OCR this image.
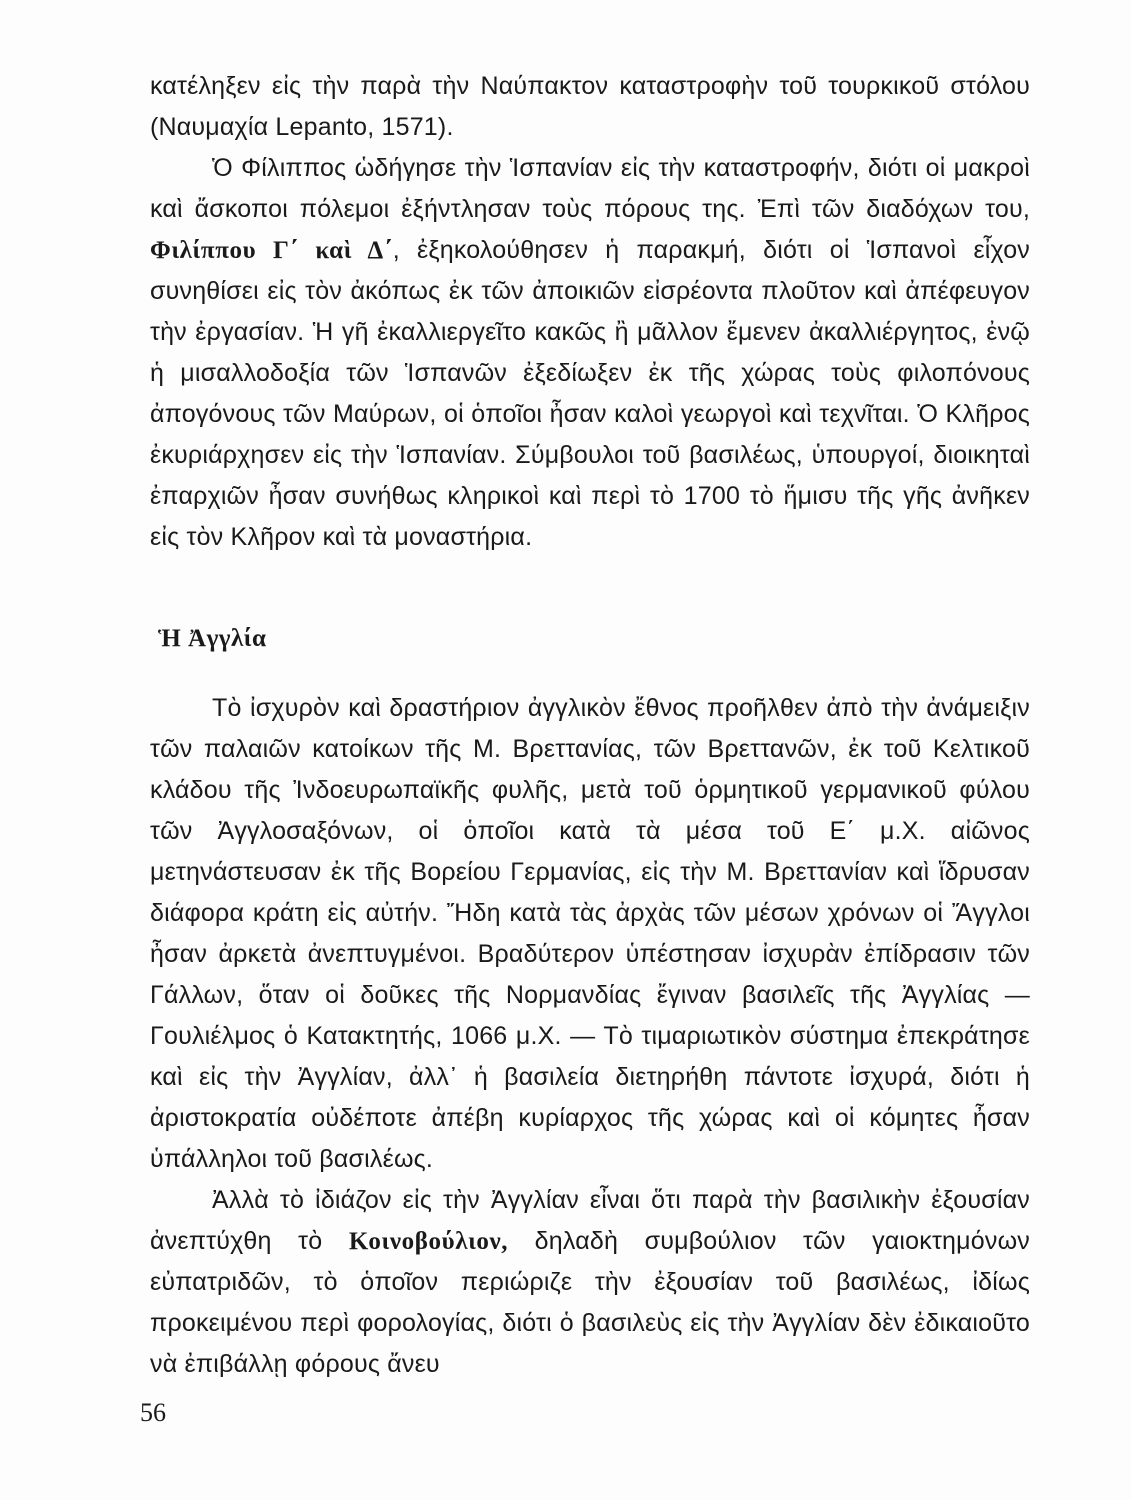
κατέληξεν εἰς τὴν παρὰ τὴν Ναύπακτον καταστροφὴν τοῦ τουρκικοῦ στόλου (Ναυμαχία Lepanto, 1571).

Ὁ Φίλιππος ὡδήγησε τὴν Ἱσπανίαν εἰς τὴν καταστροφήν, διότι οἱ μακροὶ καὶ ἄσκοποι πόλεμοι ἐξήντλησαν τοὺς πόρους της. Ἐπὶ τῶν διαδόχων του, Φιλίππου Γ΄ καὶ Δ΄, ἐξηκολούθησεν ἡ παρακμή, διότι οἱ Ἱσπανοὶ εἶχον συνηθίσει εἰς τὸν ἀκόπως ἐκ τῶν ἀποικιῶν εἰσρέοντα πλοῦτον καὶ ἀπέφευγον τὴν ἐργασίαν. Ἡ γῆ ἐκαλλιεργεῖτο κακῶς ἢ μᾶλλον ἔμενεν ἀκαλλιέργητος, ἐνῷ ἡ μισαλλοδοξία τῶν Ἱσπανῶν ἐξεδίωξεν ἐκ τῆς χώρας τοὺς φιλοπόνους ἀπογόνους τῶν Μαύρων, οἱ ὁποῖοι ἦσαν καλοὶ γεωργοὶ καὶ τεχνῖται. Ὁ Κλῆρος ἐκυριάρχησεν εἰς τὴν Ἱσπανίαν. Σύμβουλοι τοῦ βασιλέως, ὑπουργοί, διοικηταὶ ἐπαρχιῶν ἦσαν συνήθως κληρικοὶ καὶ περὶ τὸ 1700 τὸ ἥμισυ τῆς γῆς ἀνῆκεν εἰς τὸν Κλῆρον καὶ τὰ μοναστήρια.

Ἡ Ἀγγλία

Τὸ ἰσχυρὸν καὶ δραστήριον ἀγγλικὸν ἔθνος προῆλθεν ἀπὸ τὴν ἀνάμειξιν τῶν παλαιῶν κατοίκων τῆς Μ. Βρεττανίας, τῶν Βρεττανῶν, ἐκ τοῦ Κελτικοῦ κλάδου τῆς Ἰνδοευρωπαϊκῆς φυλῆς, μετὰ τοῦ ὁρμητικοῦ γερμανικοῦ φύλου τῶν Ἀγγλοσαξόνων, οἱ ὁποῖοι κατὰ τὰ μέσα τοῦ Ε΄ μ.Χ. αἰῶνος μετηνάστευσαν ἐκ τῆς Βορείου Γερμανίας, εἰς τὴν Μ. Βρεττανίαν καὶ ἵδρυσαν διάφορα κράτη εἰς αὐτήν. Ἤδη κατὰ τὰς ἀρχὰς τῶν μέσων χρόνων οἱ Ἄγγλοι ἦσαν ἀρκετὰ ἀνεπτυγμένοι. Βραδύτερον ὑπέστησαν ἰσχυρὰν ἐπίδρασιν τῶν Γάλλων, ὅταν οἱ δοῦκες τῆς Νορμανδίας ἔγιναν βασιλεῖς τῆς Ἀγγλίας — Γουλιέλμος ὁ Κατακτητής, 1066 μ.Χ. — Τὸ τιμαριωτικὸν σύστημα ἐπεκράτησε καὶ εἰς τὴν Ἀγγλίαν, ἀλλ᾽ ἡ βασιλεία διετηρήθη πάντοτε ἰσχυρά, διότι ἡ ἀριστοκρατία οὐδέποτε ἀπέβη κυρίαρχος τῆς χώρας καὶ οἱ κόμητες ἦσαν ὑπάλληλοι τοῦ βασιλέως.

Ἀλλὰ τὸ ἰδιάζον εἰς τὴν Ἀγγλίαν εἶναι ὅτι παρὰ τὴν βασιλικὴν ἐξουσίαν ἀνεπτύχθη τὸ Κοινοβούλιον, δηλαδὴ συμβούλιον τῶν γαιοκτημόνων εὐπατριδῶν, τὸ ὁποῖον περιώριζε τὴν ἐξουσίαν τοῦ βασιλέως, ἰδίως προκειμένου περὶ φορολογίας, διότι ὁ βασιλεὺς εἰς τὴν Ἀγγλίαν δὲν ἐδικαιοῦτο νὰ ἐπιβάλλῃ φόρους ἄνευ

56
